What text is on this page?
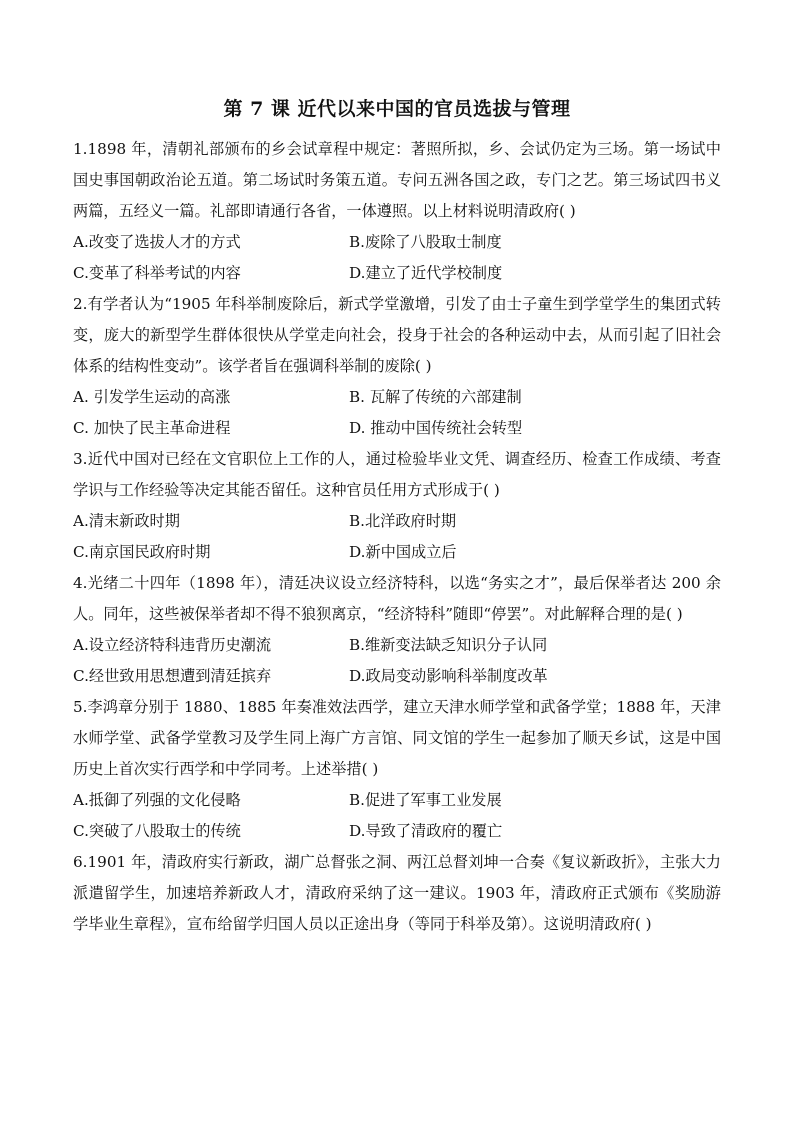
第 7 课 近代以来中国的官员选拔与管理

1.1898 年，清朝礼部颁布的乡会试章程中规定：著照所拟，乡、会试仍定为三场。第一场试中国史事国朝政治论五道。第二场试时务策五道。专问五洲各国之政，专门之艺。第三场试四书义两篇，五经义一篇。礼部即请通行各省，一体遵照。以上材料说明清政府( )

A.改变了选拔人才的方式	B.废除了八股取士制度
C.变革了科举考试的内容	D.建立了近代学校制度

2.有学者认为“1905 年科举制废除后，新式学堂激增，引发了由士子童生到学堂学生的集团式转变，庞大的新型学生群体很快从学堂走向社会，投身于社会的各种运动中去，从而引起了旧社会体系的结构性变动”。该学者旨在强调科举制的废除( )

A. 引发学生运动的高涨	B. 瓦解了传统的六部建制
C. 加快了民主革命进程	D. 推动中国传统社会转型

3.近代中国对已经在文官职位上工作的人，通过检验毕业文凭、调查经历、检查工作成绩、考查学识与工作经验等决定其能否留任。这种官员任用方式形成于( )

A.清末新政时期	B.北洋政府时期
C.南京国民政府时期	D.新中国成立后

4.光绪二十四年（1898 年），清廷决议设立经济特科，以选“务实之才”，最后保举者达 200 余人。同年，这些被保举者却不得不狼狈离京，“经济特科”随即“停罢”。对此解释合理的是( )

A.设立经济特科违背历史潮流	B.维新变法缺乏知识分子认同
C.经世致用思想遭到清廷摈弃	D.政局变动影响科举制度改革

5.李鸿章分别于 1880、1885 年奏准效法西学，建立天津水师学堂和武备学堂；1888 年，天津水师学堂、武备学堂教习及学生同上海广方言馆、同文馆的学生一起参加了顺天乡试，这是中国历史上首次实行西学和中学同考。上述举措( )

A.抵御了列强的文化侵略	B.促进了军事工业发展
C.突破了八股取士的传统	D.导致了清政府的覆亡

6.1901 年，清政府实行新政，湖广总督张之洞、两江总督刘坤一合奏《复议新政折》，主张大力派遣留学生，加速培养新政人才，清政府采纳了这一建议。1903 年，清政府正式颁布《奖励游学毕业生章程》，宣布给留学归国人员以正途出身（等同于科举及第）。这说明清政府( )
